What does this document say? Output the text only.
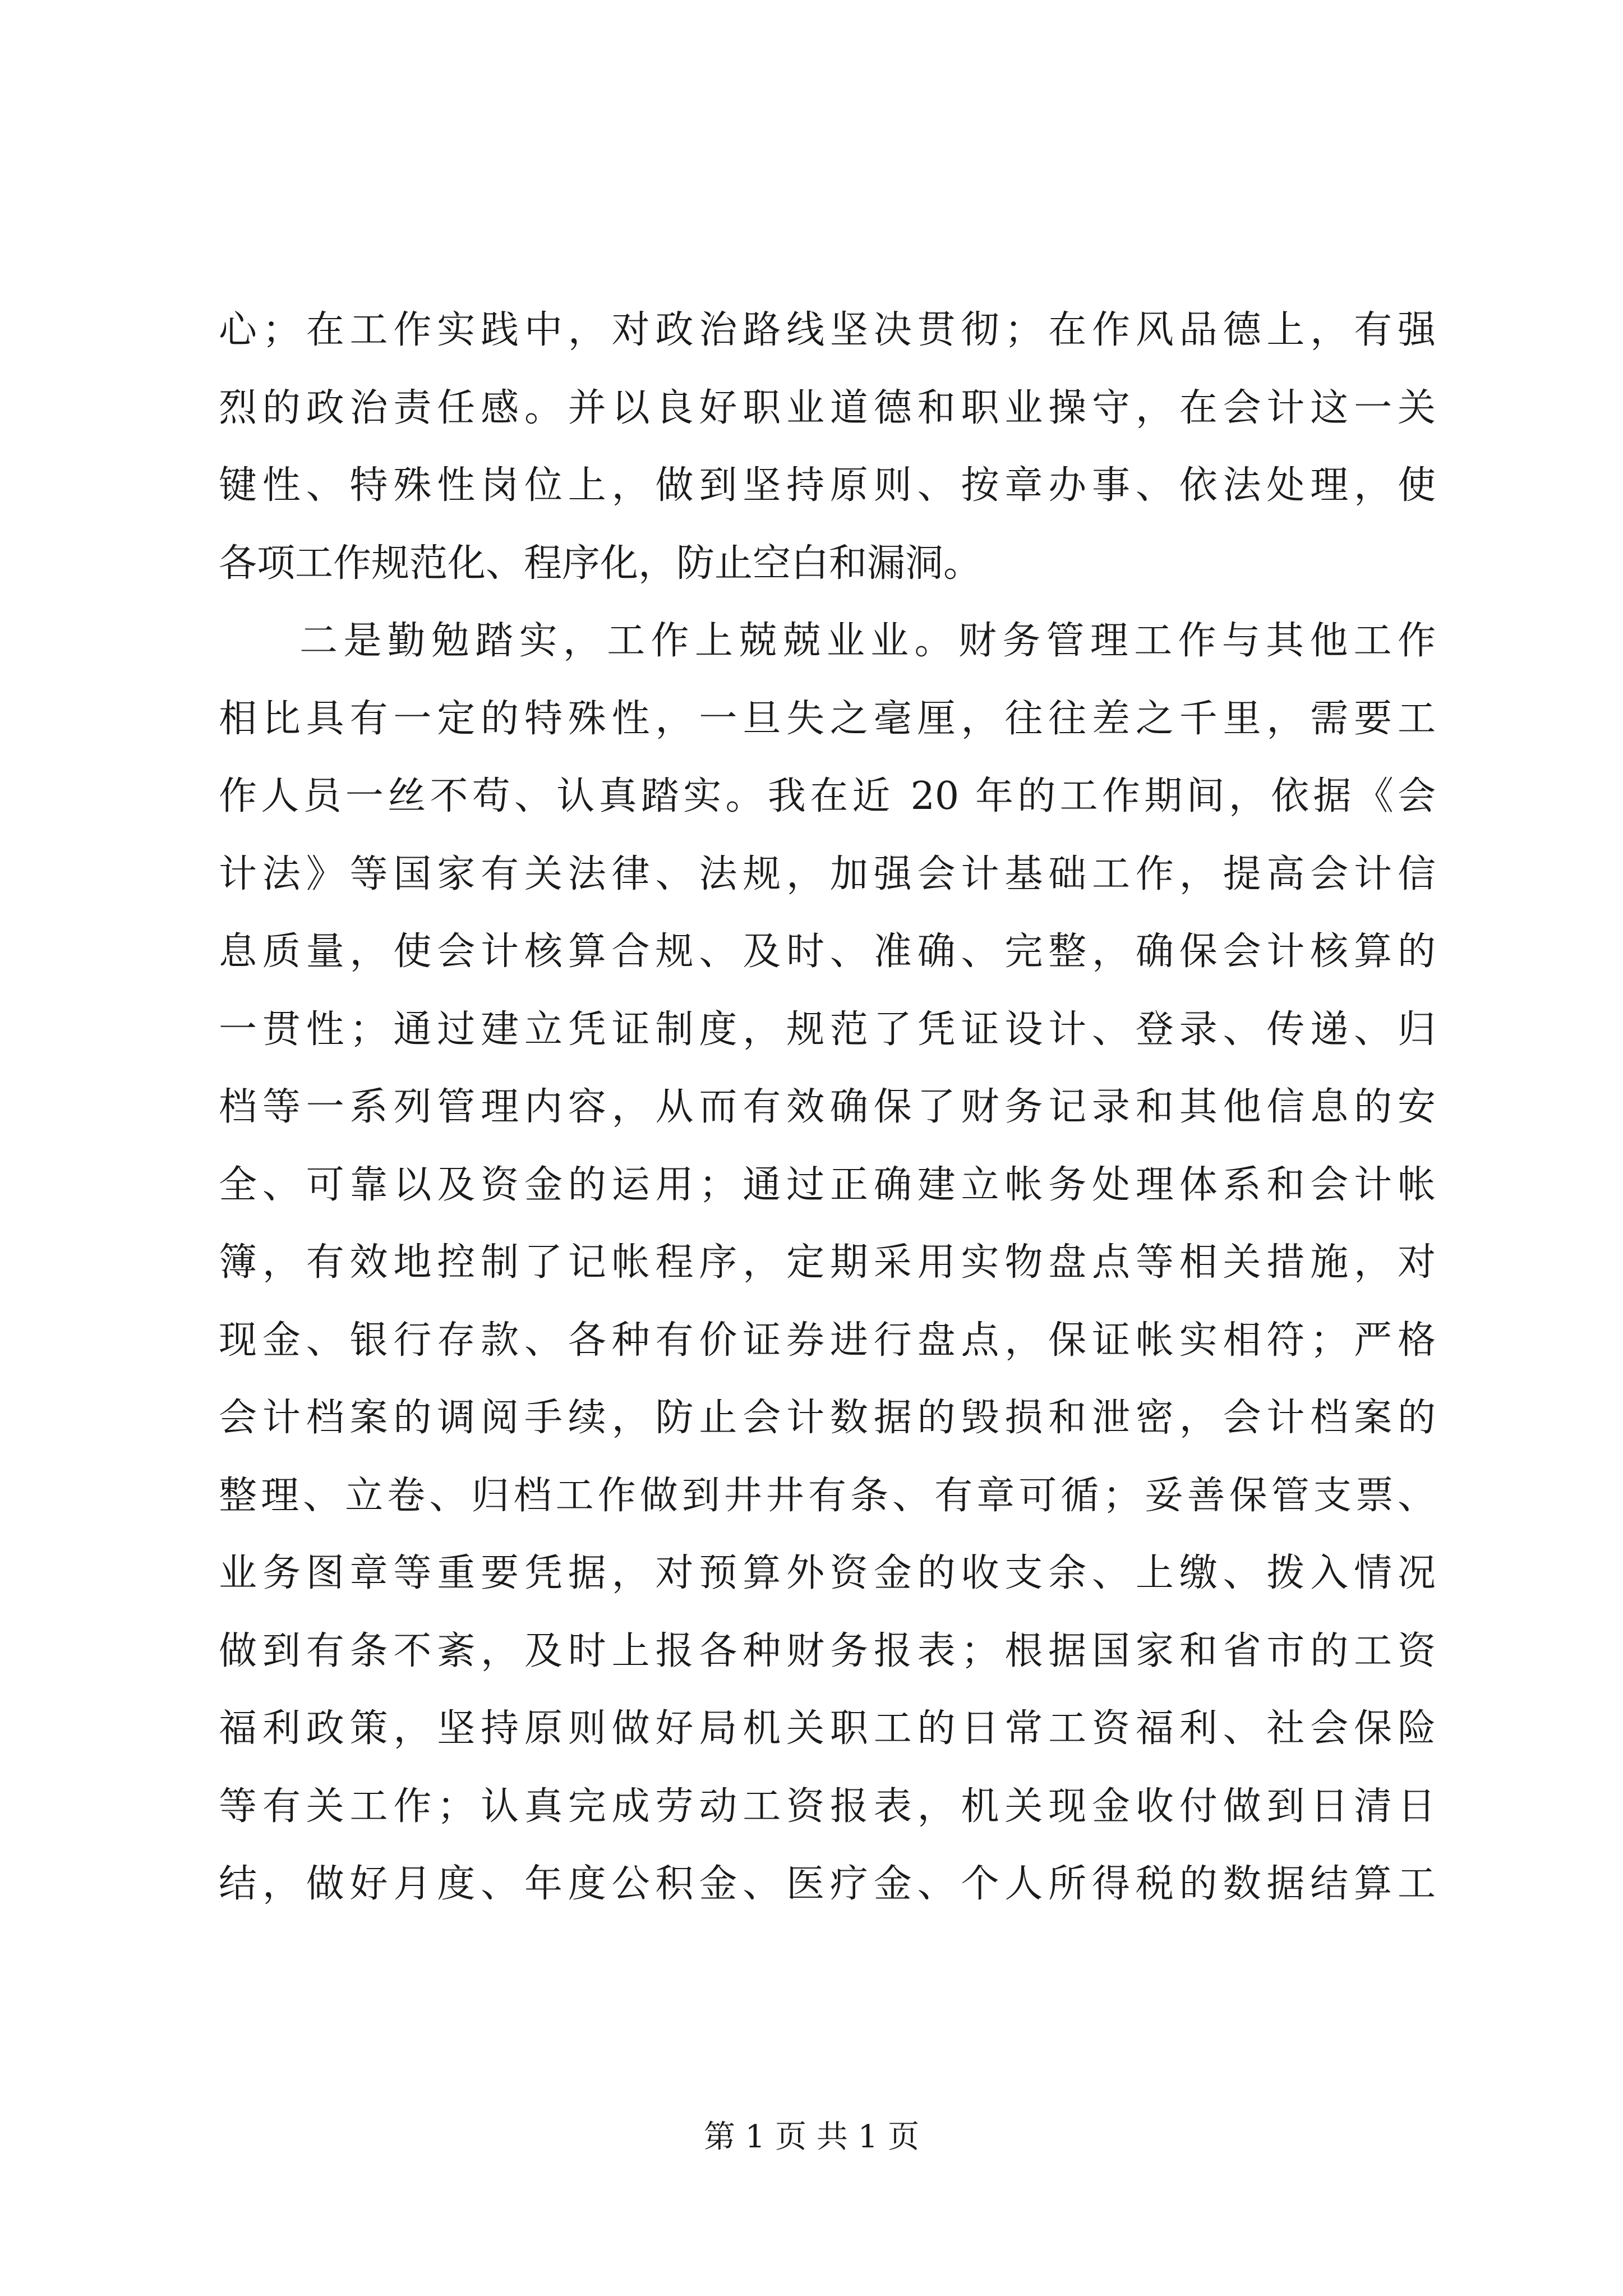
心；在工作实践中，对政治路线坚决贯彻；在作风品德上，有强
烈的政治责任感。并以良好职业道德和职业操守，在会计这一关
键性、特殊性岗位上，做到坚持原则、按章办事、依法处理，使
各项工作规范化、程序化，防止空白和漏洞。
二是勤勉踏实，工作上兢兢业业。财务管理工作与其他工作
相比具有一定的特殊性，一旦失之毫厘，往往差之千里，需要工
作人员一丝不苟、认真踏实。我在近 20 年的工作期间，依据《会
计法》等国家有关法律、法规，加强会计基础工作，提高会计信
息质量，使会计核算合规、及时、准确、完整，确保会计核算的
一贯性；通过建立凭证制度，规范了凭证设计、登录、传递、归
档等一系列管理内容，从而有效确保了财务记录和其他信息的安
全、可靠以及资金的运用；通过正确建立帐务处理体系和会计帐
簿，有效地控制了记帐程序，定期采用实物盘点等相关措施，对
现金、银行存款、各种有价证券进行盘点，保证帐实相符；严格
会计档案的调阅手续，防止会计数据的毁损和泄密，会计档案的
整理、立卷、归档工作做到井井有条、有章可循；妥善保管支票、
业务图章等重要凭据，对预算外资金的收支余、上缴、拨入情况
做到有条不紊，及时上报各种财务报表；根据国家和省市的工资
福利政策，坚持原则做好局机关职工的日常工资福利、社会保险
等有关工作；认真完成劳动工资报表，机关现金收付做到日清日
结，做好月度、年度公积金、医疗金、个人所得税的数据结算工
第 1 页 共 1 页
